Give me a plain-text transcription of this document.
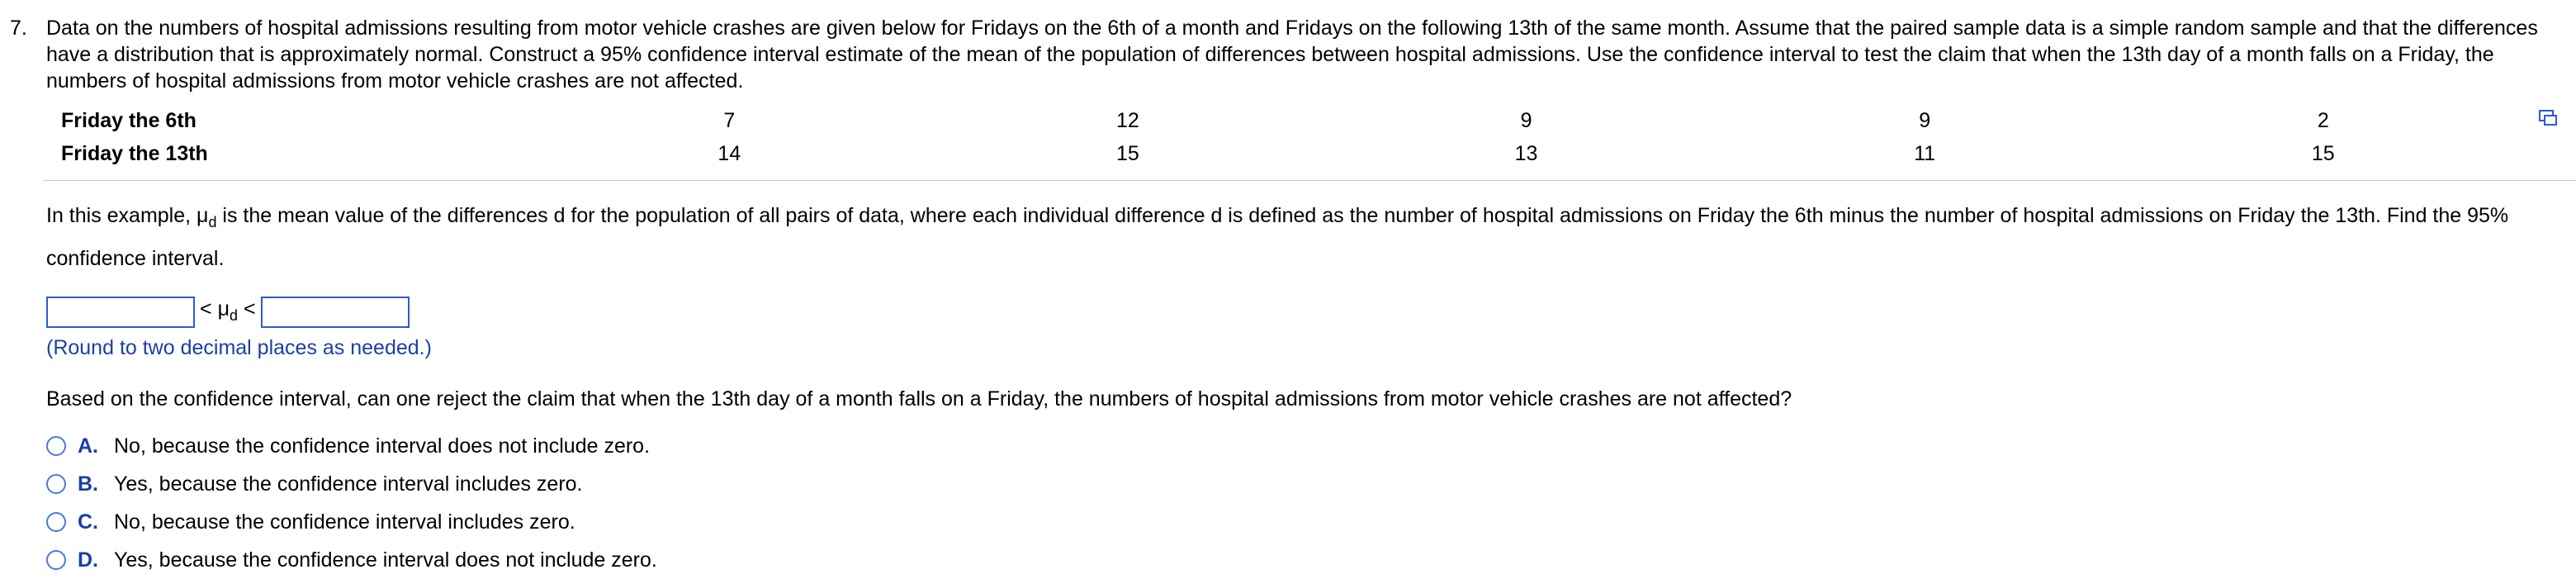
7. Data on the numbers of hospital admissions resulting from motor vehicle crashes are given below for Fridays on the 6th of a month and Fridays on the following 13th of the same month. Assume that the paired sample data is a simple random sample and that the differences have a distribution that is approximately normal. Construct a 95% confidence interval estimate of the mean of the population of differences between hospital admissions. Use the confidence interval to test the claim that when the 13th day of a month falls on a Friday, the numbers of hospital admissions from motor vehicle crashes are not affected.

Friday the 6th	7	12	9	9	2	
Friday the 13th	14	15	13	11	15	
In this example, $\mu_d$ is the mean value of the differences d for the population of all pairs of data, where each individual difference d is defined as the number of hospital admissions on Friday the 6th minus the number of hospital admissions on Friday the 13th. Find the 95% confidence interval.
< $\mu_d$ <
(Round to two decimal places as needed.)
Based on the confidence interval, can one reject the claim that when the 13th day of a month falls on a Friday, the numbers of hospital admissions from motor vehicle crashes are not affected?
A. No, because the confidence interval does not include zero.
B. Yes, because the confidence interval includes zero.
C. No, because the confidence interval includes zero.
D. Yes, because the confidence interval does not include zero.
